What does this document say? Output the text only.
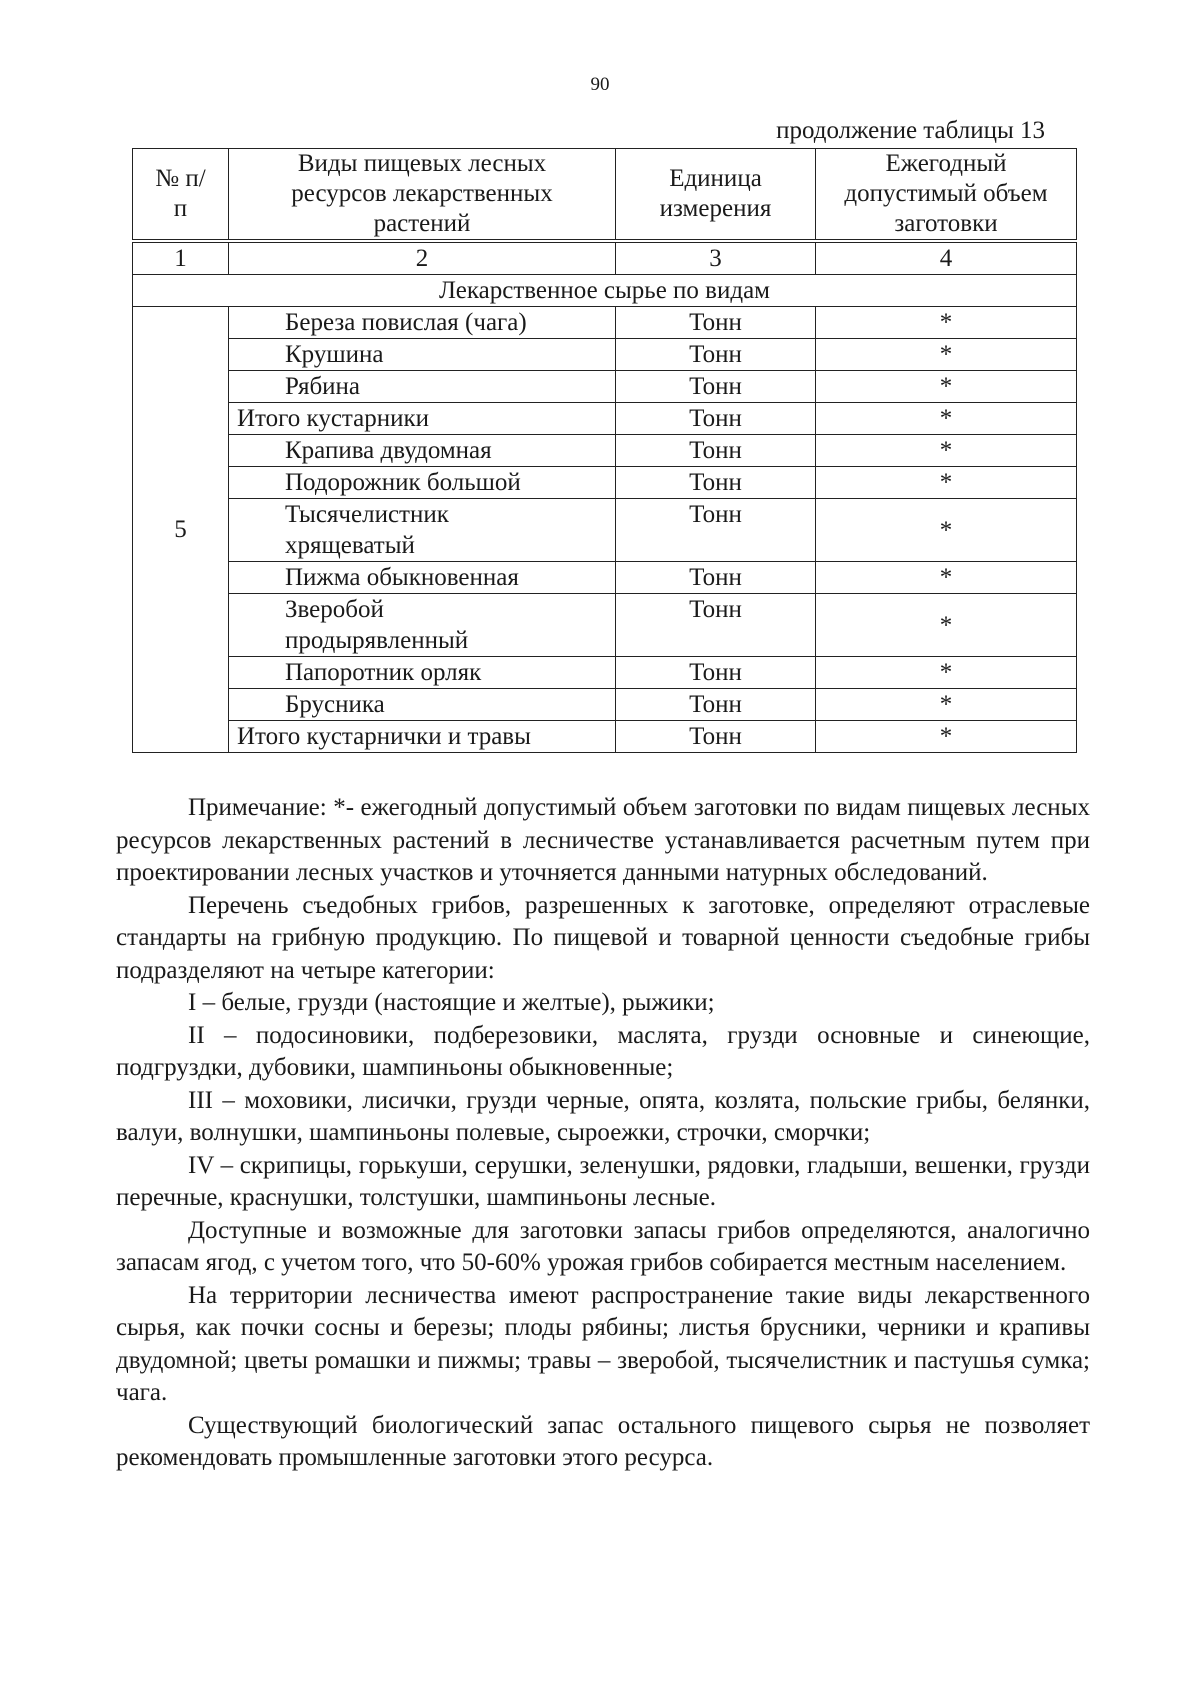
90
продолжение таблицы 13
№ п/п	Виды пищевых лесных ресурсов лекарственных растений	Единица измерения	Ежегодный допустимый объем заготовки
1	2	3	4
Лекарственное сырье по видам			
5	Береза повислая (чага)	Тонн	*
	Крушина	Тонн	*
	Рябина	Тонн	*
	Итого кустарники	Тонн	*
	Крапива двудомная	Тонн	*
	Подорожник большой	Тонн	*
	Тысячелистник хрящеватый	Тонн	*
	Пижма обыкновенная	Тонн	*
	Зверобой продырявленный	Тонн	*
	Папоротник орляк	Тонн	*
	Брусника	Тонн	*
	Итого кустарнички и травы	Тонн	*

Примечание: *- ежегодный допустимый объем заготовки по видам пищевых лесных ресурсов лекарственных растений в лесничестве устанавливается расчетным путем при проектировании лесных участков и уточняется данными натурных обследований.

Перечень съедобных грибов, разрешенных к заготовке, определяют отраслевые стандарты на грибную продукцию. По пищевой и товарной ценности съедобные грибы подразделяют на четыре категории:

I – белые, грузди (настоящие и желтые), рыжики;

II – подосиновики, подберезовики, маслята, грузди основные и синеющие, подгруздки, дубовики, шампиньоны обыкновенные;

III – моховики, лисички, грузди черные, опята, козлята, польские грибы, белянки, валуи, волнушки, шампиньоны полевые, сыроежки, строчки, сморчки;

IV – скрипицы, горькуши, серушки, зеленушки, рядовки, гладыши, вешенки, грузди перечные, краснушки, толстушки, шампиньоны лесные.

Доступные и возможные для заготовки запасы грибов определяются, аналогично запасам ягод, с учетом того, что 50-60% урожая грибов собирается местным населением.

На территории лесничества имеют распространение такие виды лекарственного сырья, как почки сосны и березы; плоды рябины; листья брусники, черники и крапивы двудомной; цветы ромашки и пижмы; травы – зверобой, тысячелистник и пастушья сумка; чага.

Существующий биологический запас остального пищевого сырья не позволяет рекомендовать промышленные заготовки этого ресурса.
